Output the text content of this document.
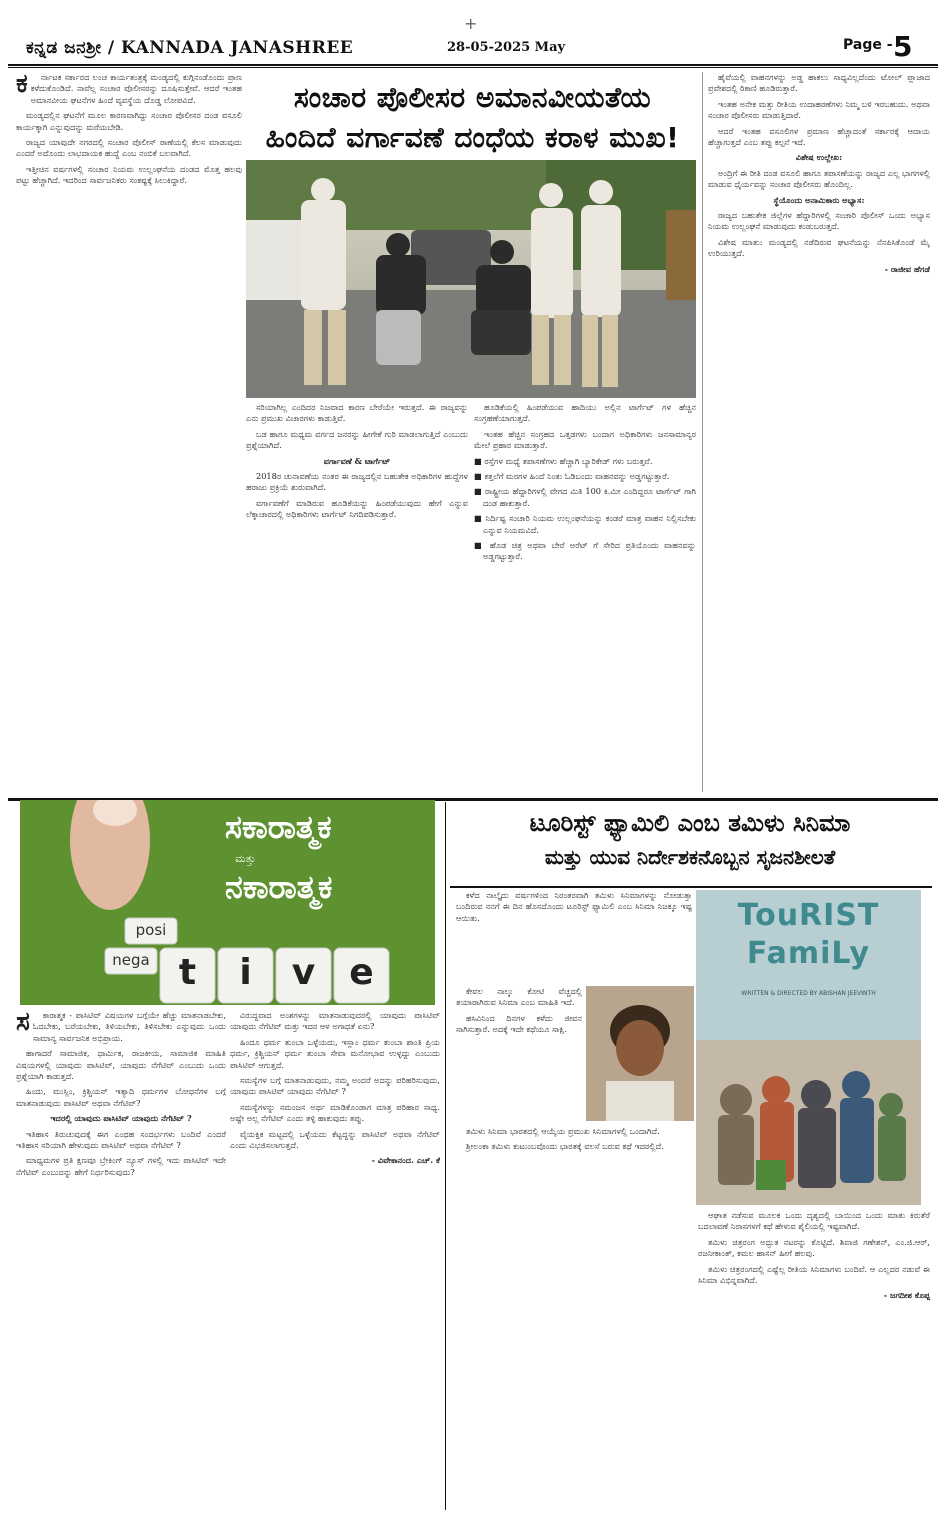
+
ಕನ್ನಡ ಜನಶ್ರೀ / KANNADA JANASHREE	28-05-2025 May	Page - 5
ಕ	ರ್ನಾಟಕ ಸರ್ಕಾರದ ಲಂಚ ಕಾರ್ಯತಂತ್ರಕ್ಕೆ ಮಂಡ್ಯದಲ್ಲಿ ಕುಗ್ಗಿನಂಡೊಂದು ಪ್ರಾಣ ಕಳೆದುಕೊಂಡಿದೆ. ನಾವೆಲ್ಲ ಸಂಚಾರ ಪೊಲೀಸರನ್ನು ದೂಷಿಸುತ್ತೇವೆ. ಆದರೆ ಇಂತಹ ಅಮಾನವೀಯ ಘಟನೆಗಳ ಹಿಂದೆ ವ್ಯವಸ್ಥೆಯ ದೊಡ್ಡ ಲೋಪವಿದೆ.

ಮಂಡ್ಯದಲ್ಲಿನ ಘಟನೆಗೆ ಮೂಲ ಕಾರಣವಾಗಿದ್ದು ಸಂಚಾರ ಪೊಲೀಸರ ದಂಡ ವಸೂಲಿ ಕಾರ್ಯಕ್ಕಾಗಿ ಎನ್ನುವುದನ್ನು ಮರೆಯಬೇಡಿ.

ರಾಜ್ಯದ ಯಾವುದೇ ನಗರದಲ್ಲಿ ಸಂಚಾರ ಪೊಲೀಸ್ ಠಾಣೆಯಲ್ಲಿ ಕೆಲಸ ಮಾಡುವುದು ಎಂದರೆ ಅದೊಂದು ಲಾಭದಾಯಕ ಹುದ್ದೆ ಎಂಬ ನಂಬಿಕೆ ಬಲವಾಗಿದೆ.

ಇತ್ತೀಚಿನ ವರ್ಷಗಳಲ್ಲಿ ಸಂಚಾರ ನಿಯಮ ಉಲ್ಲಂಘನೆಯ ದಂಡದ ಮೊತ್ತ ಹಲವು ಪಟ್ಟು ಹೆಚ್ಚಾಗಿದೆ. ಇದರಿಂದ ಸಾರ್ವಜನಿಕರು ಸಂಕಷ್ಟಕ್ಕೆ ಸಿಲುಕಿದ್ದಾರೆ.

ಸಂಚಾರ ಪೊಲೀಸರ ಅಮಾನವೀಯತೆಯ
ಹಿಂದಿದೆ ವರ್ಗಾವಣೆ ದಂಧೆಯ ಕರಾಳ ಮುಖ!

ಸರಿಯಾಗಿಲ್ಲ ಎಂದಿದರ ನಿಜವಾದ ಕಾರಣ ಬೇರೆಯೇ ಇರುತ್ತದೆ. ಈ ರಾಜ್ಯವನ್ನು ಎನು ಪ್ರಮುಖ ವಿಚಾರಗಳು ಕಾಡುತ್ತಿವೆ.

ಬಡ ಹಾಗೂ ಮಧ್ಯಮ ವರ್ಗದ ಜನರನ್ನು ಹೀಗೇಕೆ ಗುರಿ ಮಾಡಲಾಗುತ್ತಿದೆ ಎಂಬುದು ಪ್ರಶ್ನೆಯಾಗಿದೆ.

ವರ್ಗಾವಣೆ & ಟಾರ್ಗೆಟ್

2018ರ ಚುನಾವಣೆಯ ನಂತರ ಈ ರಾಜ್ಯದಲ್ಲಿನ ಬಹುತೇಕ ಅಧಿಕಾರಿಗಳ ಹುದ್ದೆಗಳ ಹರಾಜು ಪ್ರಕ್ರಿಯೆ ಶುರುವಾಗಿದೆ.

ವರ್ಗಾವಣೆಗೆ ಮಾಡಿರುವ ಹೂಡಿಕೆಯನ್ನು ಹಿಂಪಡೆಯುವುದು ಹೇಗೆ ಎನ್ನುವ ಲೆಕ್ಕಾಚಾರದಲ್ಲಿ ಅಧಿಕಾರಿಗಳು ಟಾರ್ಗೆಟ್ ನಿಗದಿಪಡಿಸುತ್ತಾರೆ.

ಹೂಡಿಕೆಯಲ್ಲಿ ಹಿಂಪಡೆಯುವ ಹಾದಿಯು ಅಲ್ಲಿನ ಟಾರ್ಗೆಟ್ ಗಳ ಹೆಚ್ಚಿನ ಸಂಗ್ರಹಣೆಯಾಗುತ್ತದೆ.

ಇಂತಹ ಹೆಚ್ಚಿನ ಸಂಗ್ರಹದ ಒತ್ತಡಗಳು ಬಂದಾಗ ಅಧಿಕಾರಿಗಳು ಜನಸಾಮಾನ್ಯರ ಮೇಲೆ ಪ್ರಹಾರ ಮಾಡುತ್ತಾರೆ.

■ ರಸ್ತೆಗಳ ಮಧ್ಯೆ ತಪಾಸಣೆಗಳು ಹೆಚ್ಚಾಗಿ ಬ್ಯಾರಿಕೇಡ್ ಗಳು ಬರುತ್ತವೆ.

■ ಕತ್ತಲೆಗೆ ಮರಗಳ ಹಿಂದೆ ನಿಂತು ಓಡಿಬಂದು ವಾಹನವನ್ನು ಅಡ್ಡಗಟ್ಟುತ್ತಾರೆ.

■ ರಾಷ್ಟ್ರೀಯ ಹೆದ್ದಾರಿಗಳಲ್ಲಿ ವೇಗದ ಮಿತಿ 100 ಕಿ.ಮೀ ಎಂದಿದ್ದರೂ ಟಾರ್ಗೆಟ್ ಗಾಗಿ ದಂಡ ಹಾಕುತ್ತಾರೆ.

■ ನಿರ್ದಿಷ್ಟ ಸಂಚಾರಿ ನಿಯಮ ಉಲ್ಲಂಘನೆಯನ್ನು ಕಂಡರೆ ಮಾತ್ರ ವಾಹನ ನಿಲ್ಲಿಸಬೇಕು ಎನ್ನುವ ನಿಯಮವಿದೆ.

■ ಹೊಡ ಚಿತ್ರ ಅಥವಾ ಬೇರೆ ಅರೆಟ್ ಗೆ ಸೇರಿದ ಪ್ರತಿಯೊಂದು ವಾಹನವನ್ನು ಅಡ್ಡಗಟ್ಟುತ್ತಾರೆ.

ಹೈವೆಯಲ್ಲಿ ವಾಹನಗಳನ್ನು ಅಡ್ಡ ಹಾಕಲು ಸಾಧ್ಯವಿಲ್ಲದೆಂದು ಟೋಲ್ ಪ್ಲಾಜಾದ ಪ್ರವೇಶದಲ್ಲಿ ಠಿಕಾಣಿ ಹೂಡಿರುತ್ತಾರೆ.

ಇಂತಹ ಅನೇಕ ಮತ್ತು ರೀತಿಯ ಉದಾಹರಣೆಗಳು ನಿಮ್ಮ ಬಳಿ ಇರಬಹುದು. ಅಥವಾ ಸಂಚಾರ ಪೊಲೀಸರು ಮಾಡುತ್ತಿದಾರೆ.

ಆದರೆ ಇಂತಹ ವಸೂಲಿಗಳ ಪ್ರಮಾಣ ಹೆಚ್ಚಾದಂತೆ ಸರ್ಕಾರಕ್ಕೆ ಆದಾಯ ಹೆಚ್ಚಾಗುತ್ತದೆ ಎಂಬ ತಪ್ಪು ಕಲ್ಪನೆ ಇದೆ.

ವಿಶೇಷ ಉಲ್ಲೇಖ:

ಅಂದ್ರಿಗೆ ಈ ರೀತಿ ದಂಡ ವಸೂಲಿ ಹಾಗೂ ತಪಾಸಣೆಯನ್ನು ರಾಜ್ಯದ ಎಲ್ಲ ಭಾಗಗಳಲ್ಲಿ ಮಾಡುವ ಧೈರ್ಯವನ್ನು ಸಂಚಾರ ಪೊಲೀಸರು ಹೊಂದಿಲ್ಲ.

ಸ್ಥೆಯೊಂದು ಅನಾಮಿಕಾರು ಅಭ್ಯಾಸ:

ರಾಜ್ಯದ ಬಹುತೇಕ ಜಿಲ್ಲೆಗಳ ಹೆದ್ದಾರಿಗಳಲ್ಲಿ ಸಂಚಾರಿ ಪೊಲೀಸ್ ಒಂದು ಅಭ್ಯಾಸ ನಿಯಮ ಉಲ್ಲಂಘನೆ ಮಾಡುವುದು ಕಂಡುಬರುತ್ತದೆ.

ವಿಶೇಷ ಮಾತು: ಮಂಡ್ಯದಲ್ಲಿ ನಡೆದಿರುವ ಘಟನೆಯನ್ನು ನೆನಪಿಸಿಕೊಂಡೆ ಮೈ ಉರಿಯುತ್ತದೆ.

- ರಾಜೀವ ಹೆಗಡೆ

ಸಕಾರಾತ್ಮಕ
ಮತ್ತು
ನಕಾರಾತ್ಮಕ
posi
nega t	i	v e
ಸ	ಕಾರಾತ್ಮಕ - ಪಾಸಿಟಿವ್ ವಿಷಯಗಳ ಬಗ್ಗೆಯೇ ಹೆಚ್ಚು ಮಾತನಾಡಬೇಕು, ಓದಬೇಕು, ಬರೆಯಬೇಕು, ತಿಳಿಯಬೇಕು, ತಿಳಿಸಬೇಕು ಎನ್ನುವುದು ಒಂದು ಸಾಮಾನ್ಯ ಸಾರ್ವಜನಿಕ ಅಭಿಪ್ರಾಯ.

ಹಾಗಾದರೆ ಸಾಮಾಜಿಕ, ಧಾರ್ಮಿಕ, ರಾಜಕೀಯ, ಸಾಮಾಜಿಕ ಮಾಹಿತಿ ವಿಷಯಗಳಲ್ಲಿ ಯಾವುದು ಪಾಸಿಟಿವ್, ಯಾವುದು ನೆಗೆಟಿವ್ ಎಂಬುದು ಒಂದು ಪ್ರಶ್ನೆಯಾಗಿ ಕಾಡುತ್ತದೆ.

ಹಿಂದು, ಮುಸ್ಲಿಂ, ಕ್ರಿಶ್ಚಿಯನ್ ಇತ್ಯಾದಿ ಧರ್ಮಗಳ ಬೋಧನೆಗಳ ಬಗ್ಗೆ ಮಾತನಾಡುವುದು ಪಾಸಿಟಿವ್ ಅಥವಾ ನೆಗೆಟಿವ್?

ಇದರಲ್ಲಿ ಯಾವುದು ಪಾಸಿಟಿವ್ ಯಾವುದು ನೆಗೆಟಿವ್ ?

ಇತಿಹಾಸ ತಿರುಚುವುದಕ್ಕೆ ಈಗ ಎಂಥಹ ಸಂದರ್ಭಗಳು ಬಂದಿವೆ ಎಂದರೆ ಇತಿಹಾಸ ಸರಿಯಾಗಿ ಹೇಳುವುದು ಪಾಸಿಟಿವ್ ಅಥವಾ ನೆಗೆಟಿವ್ ?

ಮಾಧ್ಯಮಗಳ ಪ್ರತಿ ಕ್ಷಣವೂ ಬ್ರೇಕಿಂಗ್ ನ್ಯೂಸ್ ಗಳಲ್ಲಿ ಇದು ಪಾಸಿಟಿವ್ ಇದೇ ನೆಗೆಟಿವ್ ಎಂಬುದನ್ನು ಹೇಗೆ ನಿರ್ಧರಿಸುವುದು?

ವಿರುದ್ದವಾದ ಅಂಶಗಳನ್ನು ಮಾತನಾಡುವುದರಲ್ಲಿ ಯಾವುದು ಪಾಸಿಟಿವ್ ಯಾವುದು ನೆಗೆಟಿವ್ ಮತ್ತು ಇದರ ಆಳ ಅಗಾಧತೆ ಏನು?

ಹಿಂದೂ ಧರ್ಮ ತುಂಬಾ ಒಳ್ಳೆಯದು, ಇಸ್ಲಾಂ ಧರ್ಮ ತುಂಬಾ ಶಾಂತಿ ಪ್ರಿಯ ಧರ್ಮ, ಕ್ರಿಶ್ಚಿಯನ್ ಧರ್ಮ ತುಂಬಾ ಸೇವಾ ಮನೋಭಾವ ಉಳ್ಳದ್ದು ಎಂಬುದು ಪಾಸಿಟಿವ್ ಆಗುತ್ತದೆ.

ಸಮಸ್ಯೆಗಳ ಬಗ್ಗೆ ಮಾತನಾಡುವುದು, ನಮ್ಮ ಅಂದರೆ ಅದನ್ನು ಪರಿಹರಿಸುವುದು, ಯಾವುದು ಪಾಸಿಟಿವ್ ಯಾವುದು ನೆಗೆಟಿವ್ ?

ಸಮಸ್ಯೆಗಳನ್ನು ಸಮಂಜಸ ಅರ್ಥ ಮಾಡಿಕೊಂಡಾಗ ಮಾತ್ರ ಪರಿಹಾರ ಸಾಧ್ಯ. ಅಷ್ಟೇ ಅಲ್ಲ ನೆಗೆಟಿವ್ ಎಂದು ತಳ್ಳಿ ಹಾಕುವುದು ತಪ್ಪು.

ವೈಯಕ್ತಿಕ ಮಟ್ಟದಲ್ಲಿ ಒಳ್ಳೆಯದು ಕೆಟ್ಟದ್ದನ್ನು ಪಾಸಿಟಿವ್ ಅಥವಾ ನೆಗೆಟಿವ್ ಎಂದು ವಿಭಜಿಸಲಾಗುತ್ತದೆ.

- ವಿವೇಕಾನಂದ. ಎಚ್. ಕೆ

ಟೂರಿಸ್ಟ್ ಫ್ಯಾಮಿಲಿ ಎಂಬ ತಮಿಳು ಸಿನಿಮಾ
ಮತ್ತು ಯುವ ನಿರ್ದೇಶಕನೊಬ್ಬನ ಸೃಜನಶೀಲತೆ
TouRIST
FamiLy
WRITTEN & DIRECTED BY ABISHAN JEEVINTH

ಕಳೆದ ನಾಲ್ಕೈದು ವರ್ಷಗಳಿಂದ ನಿರಂತರವಾಗಿ ತಮಿಳು ಸಿನಿಮಾಗಳನ್ನು ನೋಡುತ್ತಾ ಬಂದಿರುವ ನನಗೆ ಈ ದಿನ ಹೊಸದೊಂದು ಟೂರಿಸ್ಟ್ ಫ್ಯಾಮಿಲಿ ಎಂಬ ಸಿನಿಮಾ ನಿಜಕ್ಕೂ ಇಷ್ಟ ಆಯಿತು.

ಕೇವಲ ನಾಲ್ಕು ಕೋಟಿ ವೆಚ್ಚದಲ್ಲಿ ತಯಾರಾಗಿರುವ ಸಿನಿಮಾ ಎಂಬ ಮಾಹಿತಿ ಇದೆ.

ಹಸಿವಿನಿಂದ ದಿನಗಳ ಕಳೆದು ಜೀವನ ಸಾಗಿಸುತ್ತಾರೆ. ಅದಕ್ಕೆ ಇದೇ ಕಥೆಯೂ ಸಾಕ್ಷಿ.

ತಮಿಳು ಸಿನಿಮಾ ಭಾರತದಲ್ಲಿ ಆಯ್ಕೆಯ ಪ್ರಮುಖ ಸಿನಿಮಾಗಳಲ್ಲಿ ಒಂದಾಗಿದೆ.

ಶ್ರೀಲಂಕಾ ತಮಿಳು ಕುಟುಂಬವೊಂದು ಭಾರತಕ್ಕೆ ವಲಸೆ ಬರುವ ಕಥೆ ಇದರಲ್ಲಿದೆ.

ಆಘಾತ ನಡೆಸುವ ಮೂಲಕ ಒಂದು ದೃಶ್ಯದಲ್ಲಿ ಬಾಯಿಂದ ಒಂದು ಮಾತು ಕಿರುತೆರೆ ಬದಲಾವಣೆ ನಿರಾಸಗಳಗೆ ಕಥೆ ಹೇಳುವ ಶೈಲಿಯಲ್ಲಿ ಇಷ್ಟವಾಗಿದೆ.

ತಮಿಳು ಚಿತ್ರರಂಗ ಅದ್ಭುತ ನಟರನ್ನು ಕೊಟ್ಟಿದೆ. ಶಿವಾಜಿ ಗಣೇಶನ್, ಎಂ.ಜಿ.ಆರ್, ರಜನೀಕಾಂತ್, ಕಮಲ ಹಾಸನ್ ಹೀಗೆ ಹಲವು.

ತಮಿಳು ಚಿತ್ರರಂಗದಲ್ಲಿ ಎಷ್ಟೆಲ್ಲ ರೀತಿಯ ಸಿನಿಮಾಗಳು ಬಂದಿವೆ. ಆ ಎಲ್ಲದರ ನಡುವೆ ಈ ಸಿನಿಮಾ ವಿಭಿನ್ನವಾಗಿದೆ.

- ಜಗದೀಶ ಕೊಪ್ಪ
